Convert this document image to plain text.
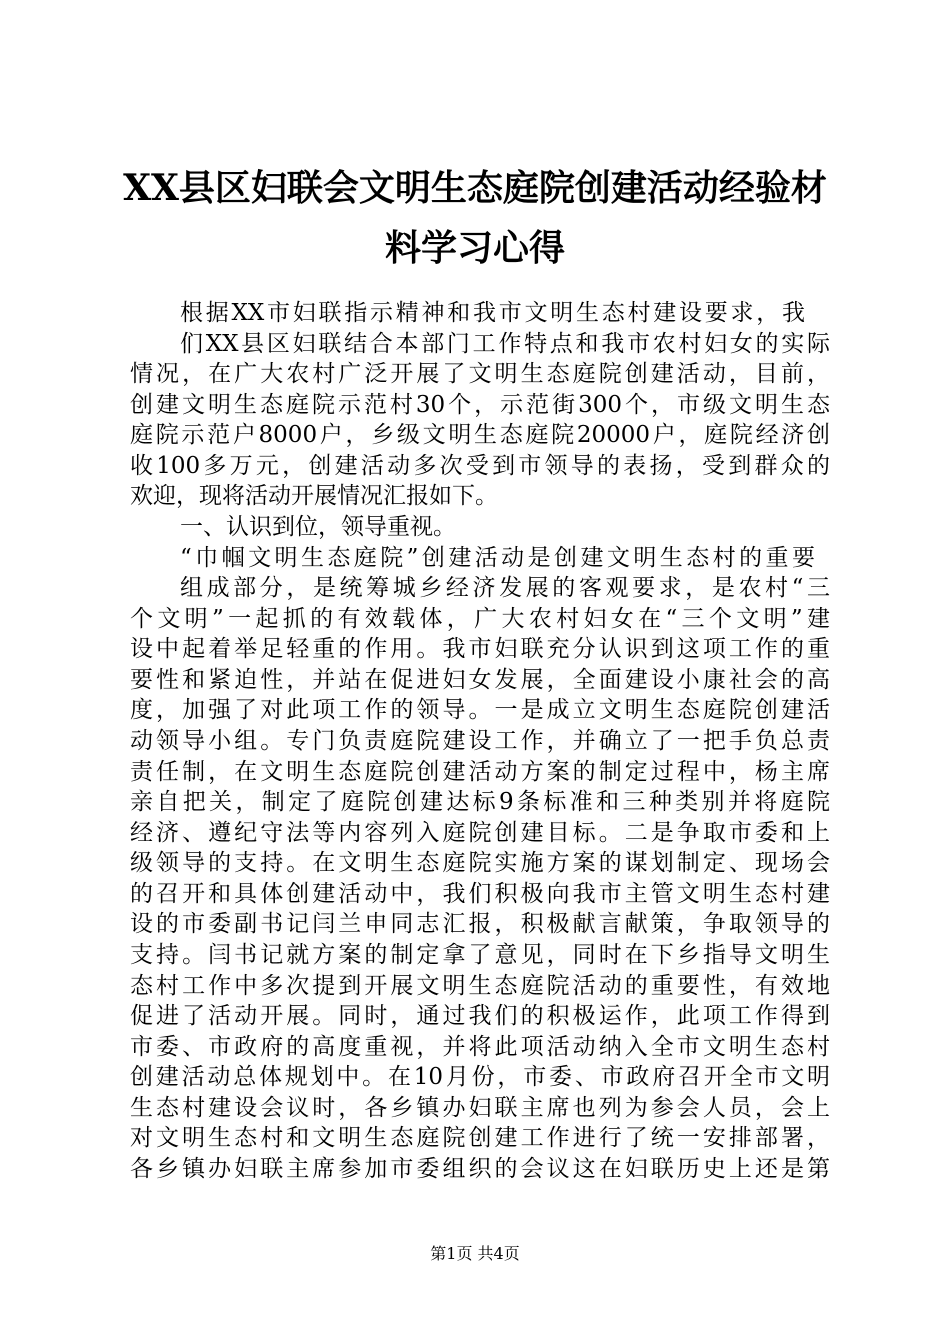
XX县区妇联会文明生态庭院创建活动经验材
料学习心得
根据XX市妇联指示精神和我市文明生态村建设要求，我
们XX县区妇联结合本部门工作特点和我市农村妇女的实际
情况，在广大农村广泛开展了文明生态庭院创建活动，目前，
创建文明生态庭院示范村30个，示范街300个，市级文明生态
庭院示范户8000户，乡级文明生态庭院20000户，庭院经济创
收100多万元，创建活动多次受到市领导的表扬，受到群众的
欢迎，现将活动开展情况汇报如下。
一、认识到位，领导重视。
“巾帼文明生态庭院”创建活动是创建文明生态村的重要
组成部分，是统筹城乡经济发展的客观要求，是农村“三
个文明”一起抓的有效载体，广大农村妇女在“三个文明”建
设中起着举足轻重的作用。我市妇联充分认识到这项工作的重
要性和紧迫性，并站在促进妇女发展，全面建设小康社会的高
度，加强了对此项工作的领导。一是成立文明生态庭院创建活
动领导小组。专门负责庭院建设工作，并确立了一把手负总责
责任制，在文明生态庭院创建活动方案的制定过程中，杨主席
亲自把关，制定了庭院创建达标9条标准和三种类别并将庭院
经济、遵纪守法等内容列入庭院创建目标。二是争取市委和上
级领导的支持。在文明生态庭院实施方案的谋划制定、现场会
的召开和具体创建活动中，我们积极向我市主管文明生态村建
设的市委副书记闫兰申同志汇报，积极献言献策，争取领导的
支持。闫书记就方案的制定拿了意见，同时在下乡指导文明生
态村工作中多次提到开展文明生态庭院活动的重要性，有效地
促进了活动开展。同时，通过我们的积极运作，此项工作得到
市委、市政府的高度重视，并将此项活动纳入全市文明生态村
创建活动总体规划中。在10月份，市委、市政府召开全市文明
生态村建设会议时，各乡镇办妇联主席也列为参会人员，会上
对文明生态村和文明生态庭院创建工作进行了统一安排部署，
各乡镇办妇联主席参加市委组织的会议这在妇联历史上还是第
第1页 共4页
